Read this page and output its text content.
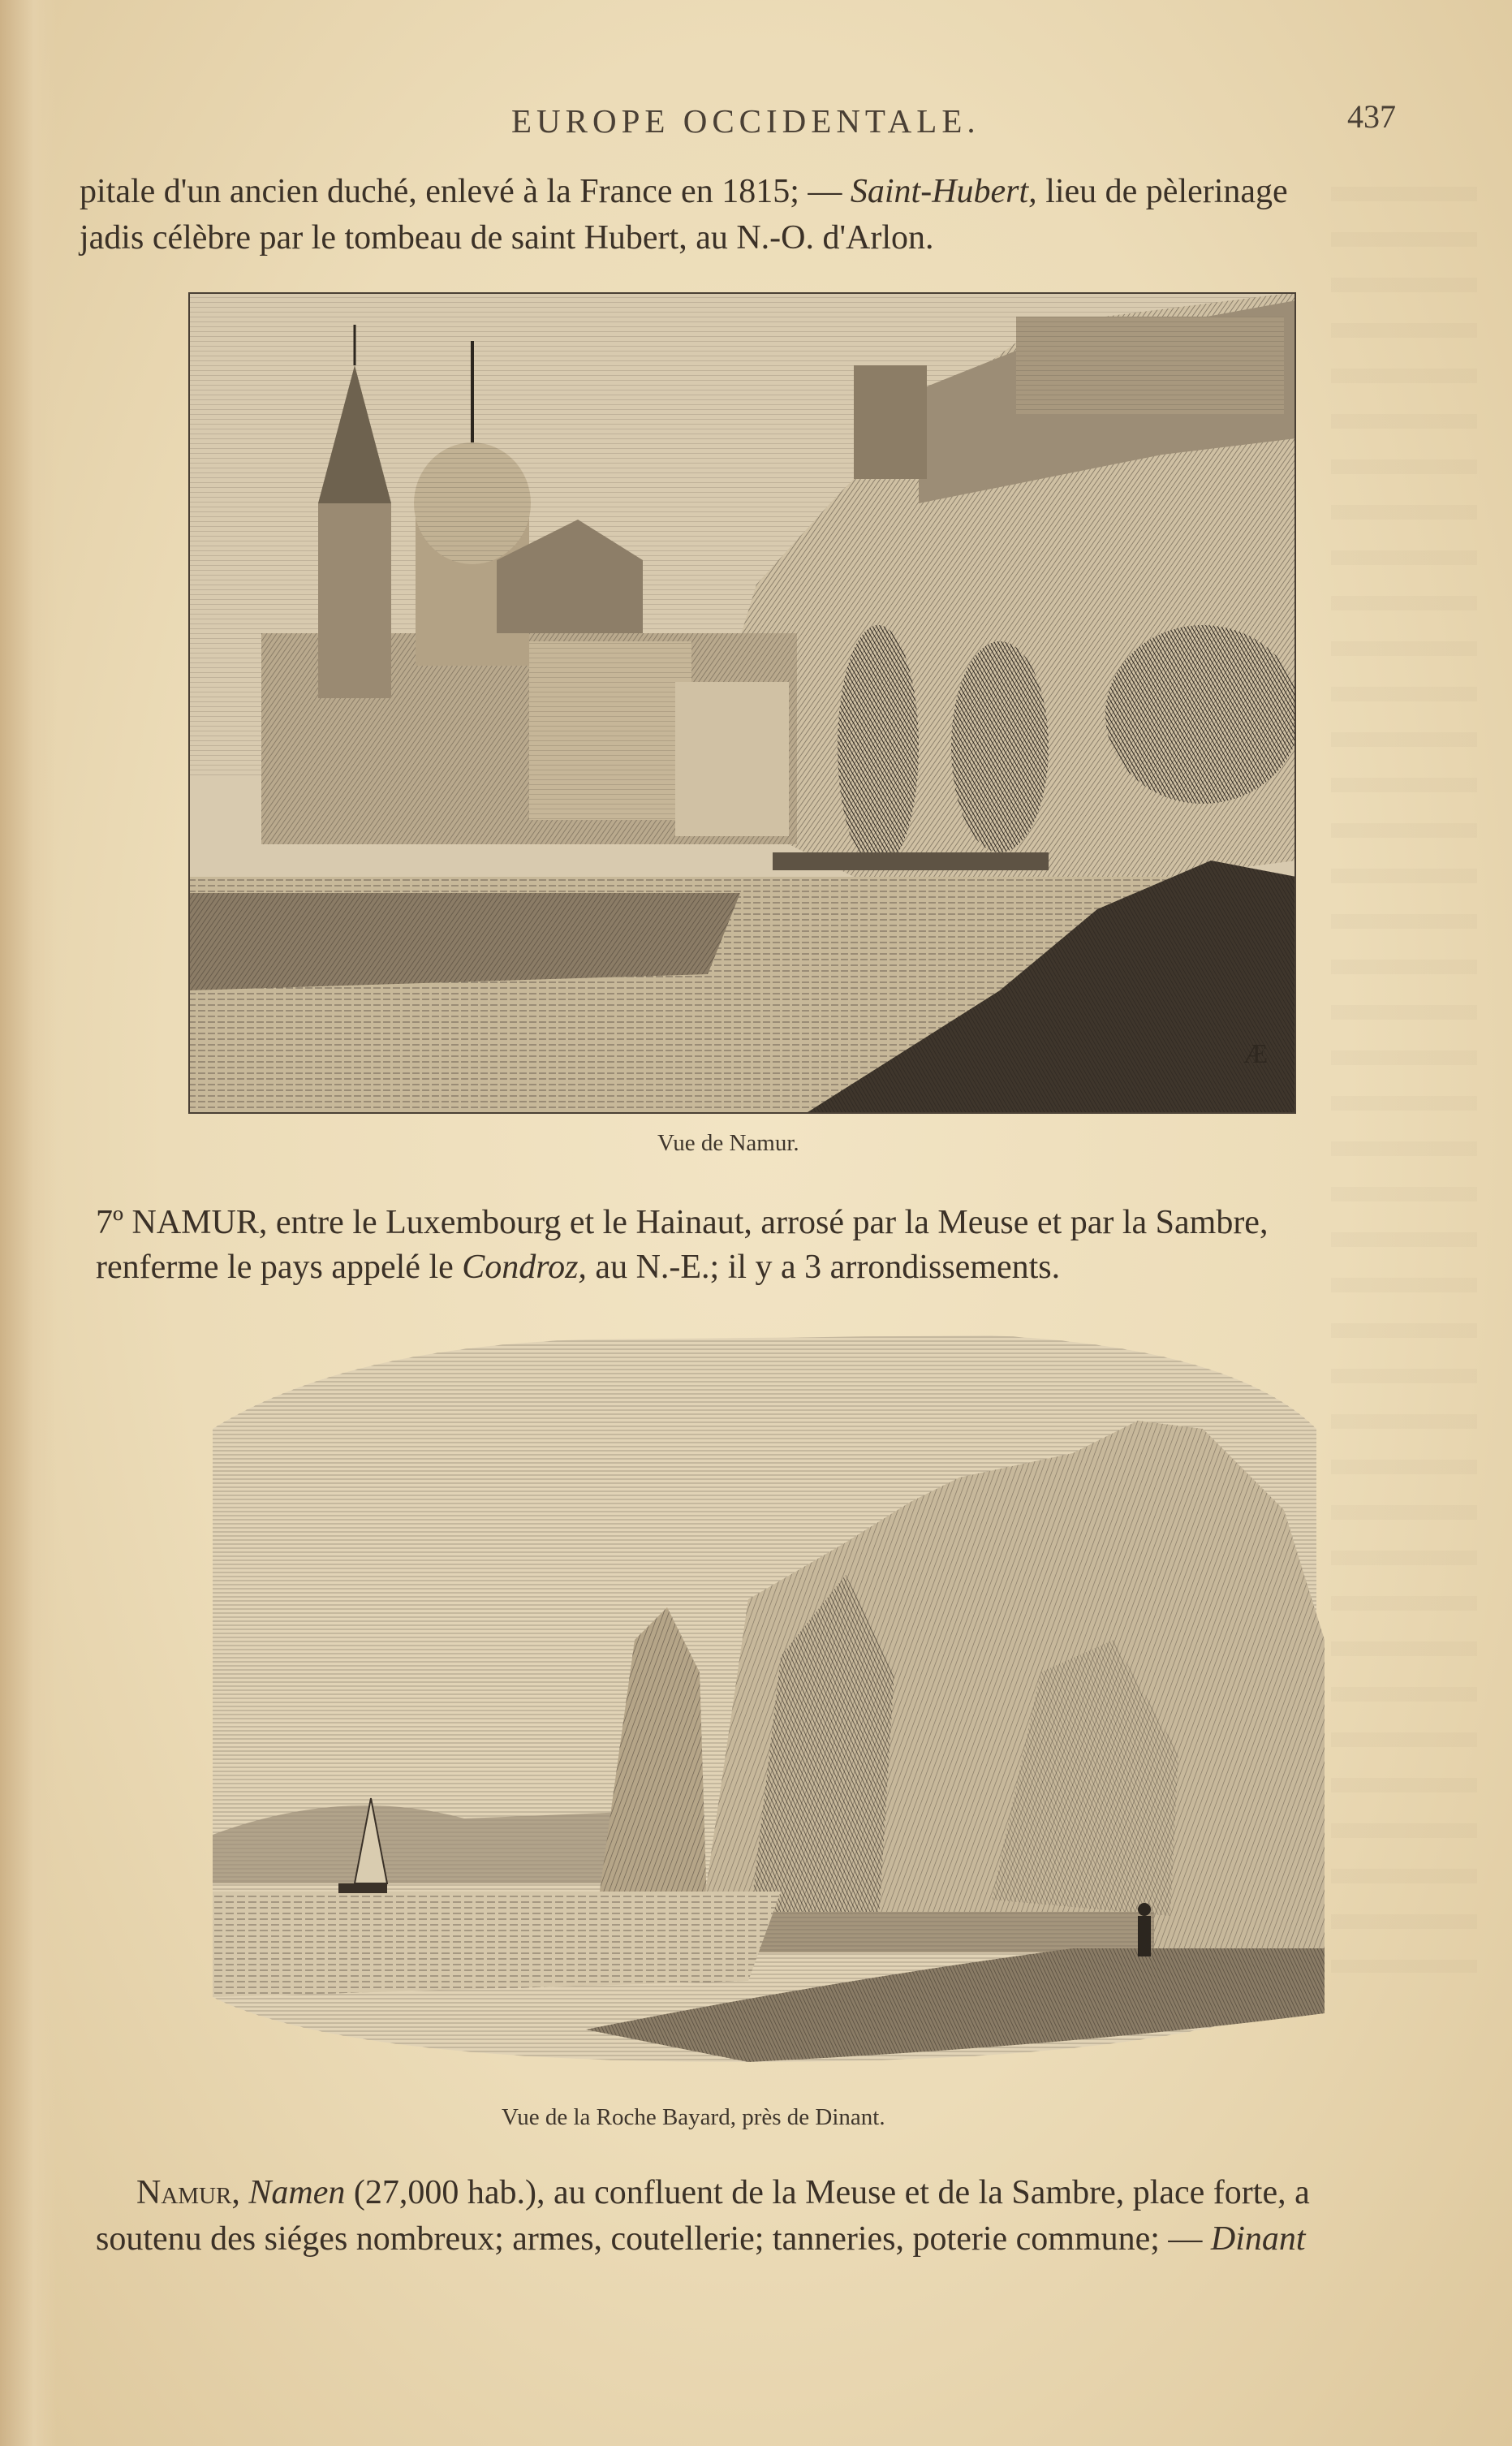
EUROPE OCCIDENTALE.	437
pitale d'un ancien duché, enlevé à la France en 1815; — Saint-Hubert, lieu de pèlerinage
jadis célèbre par le tombeau de saint Hubert, au N.-O. d'Arlon.
Æ
Vue de Namur.
7º NAMUR, entre le Luxembourg et le Hainaut, arrosé par la Meuse et par la Sambre,
renferme le pays appelé le Condroz, au N.-E.; il y a 3 arrondissements.
Vue de la Roche Bayard, près de Dinant.
Namur, Namen (27,000 hab.), au confluent de la Meuse et de la Sambre, place forte, a
soutenu des siéges nombreux; armes, coutellerie; tanneries, poterie commune; — Dinant
